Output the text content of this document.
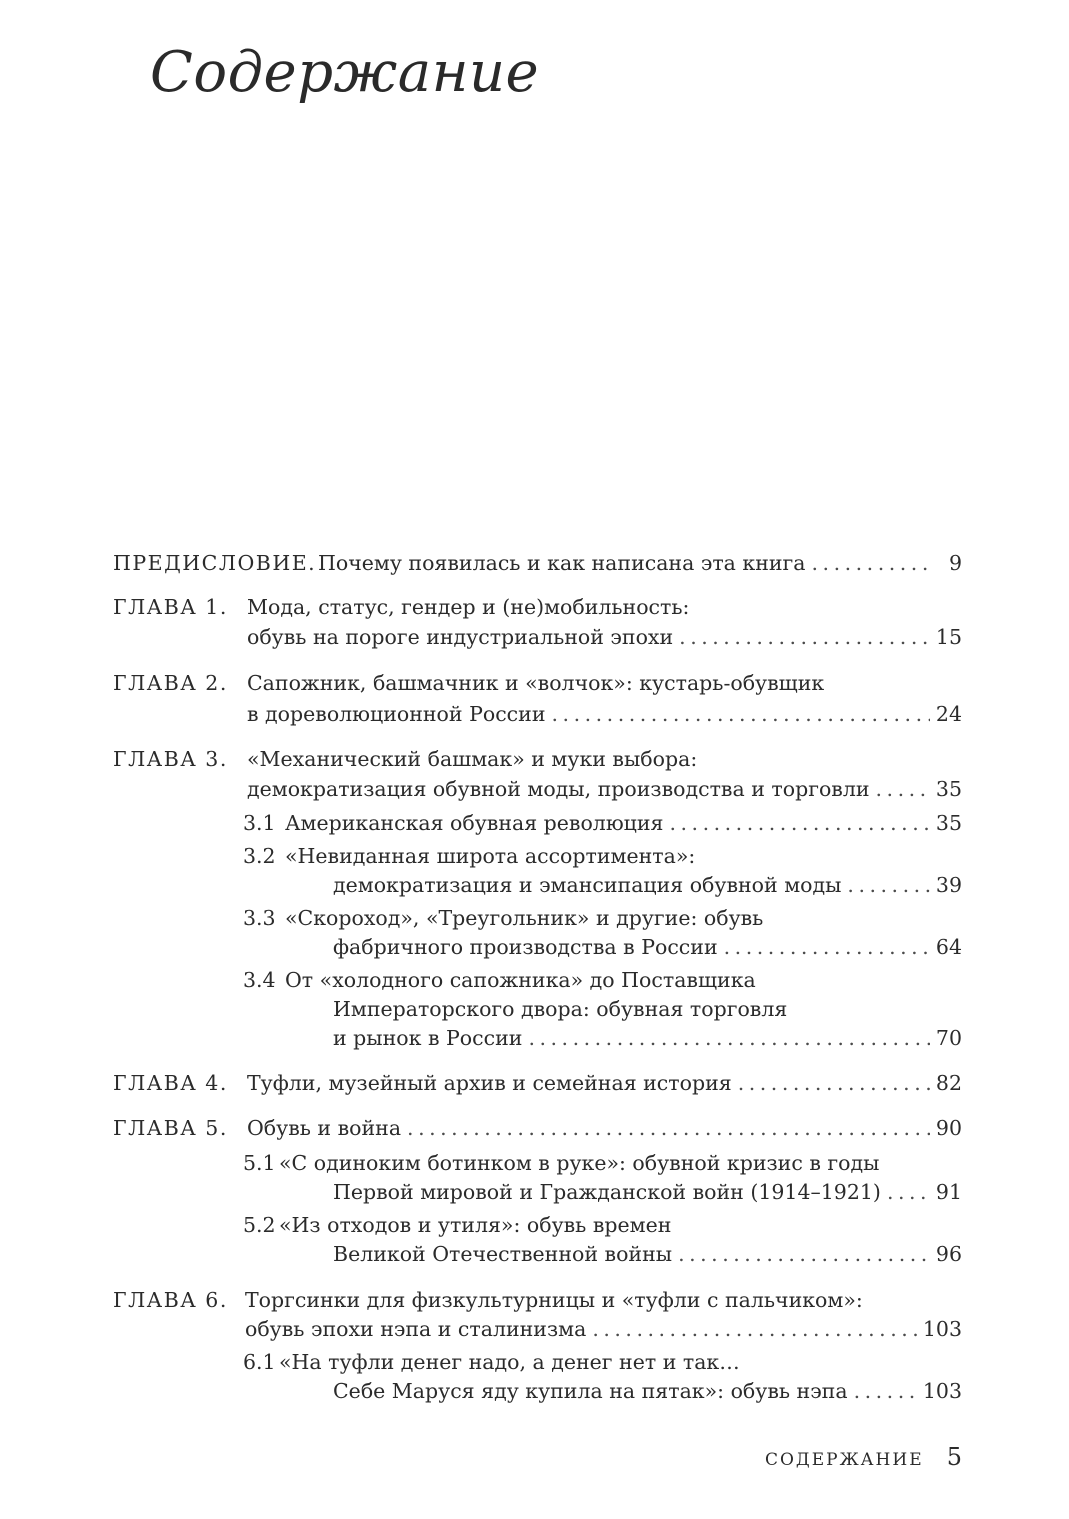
Содержание
ПРЕДИСЛОВИЕ. Почему появилась и как написана эта книга . . .	9
ГЛАВА 1. Мода, статус, гендер и (не)мобильность:
обувь на пороге индустриальной эпохи . . .	15
ГЛАВА 2. Сапожник, башмачник и «волчок»: кустарь-обувщик
в дореволюционной России . . .	24
ГЛАВА 3. «Механический башмак» и муки выбора:
демократизация обувной моды, производства и торговли . . .	35
3.1 Американская обувная революция . . .	35
3.2 «Невиданная широта ассортимента»:
демократизация и эмансипация обувной моды . . .	39
3.3 «Скороход», «Треугольник» и другие: обувь
фабричного производства в России . . .	64
3.4 От «холодного сапожника» до Поставщика
Императорского двора: обувная торговля
и рынок в России . . .	70
ГЛАВА 4. Туфли, музейный архив и семейная история . . .	82
ГЛАВА 5. Обувь и война . . .	90
5.1 «С одиноким ботинком в руке»: обувной кризис в годы
Первой мировой и Гражданской войн (1914–1921) . . .	91
5.2 «Из отходов и утиля»: обувь времен
Великой Отечественной войны . . .	96
ГЛАВА 6. Торгсинки для физкультурницы и «туфли с пальчиком»:
обувь эпохи нэпа и сталинизма . . .	103
6.1 «На туфли денег надо, а денег нет и так…
Себе Маруся яду купила на пятак»: обувь нэпа . . .	103
СОДЕРЖАНИЕ 5
